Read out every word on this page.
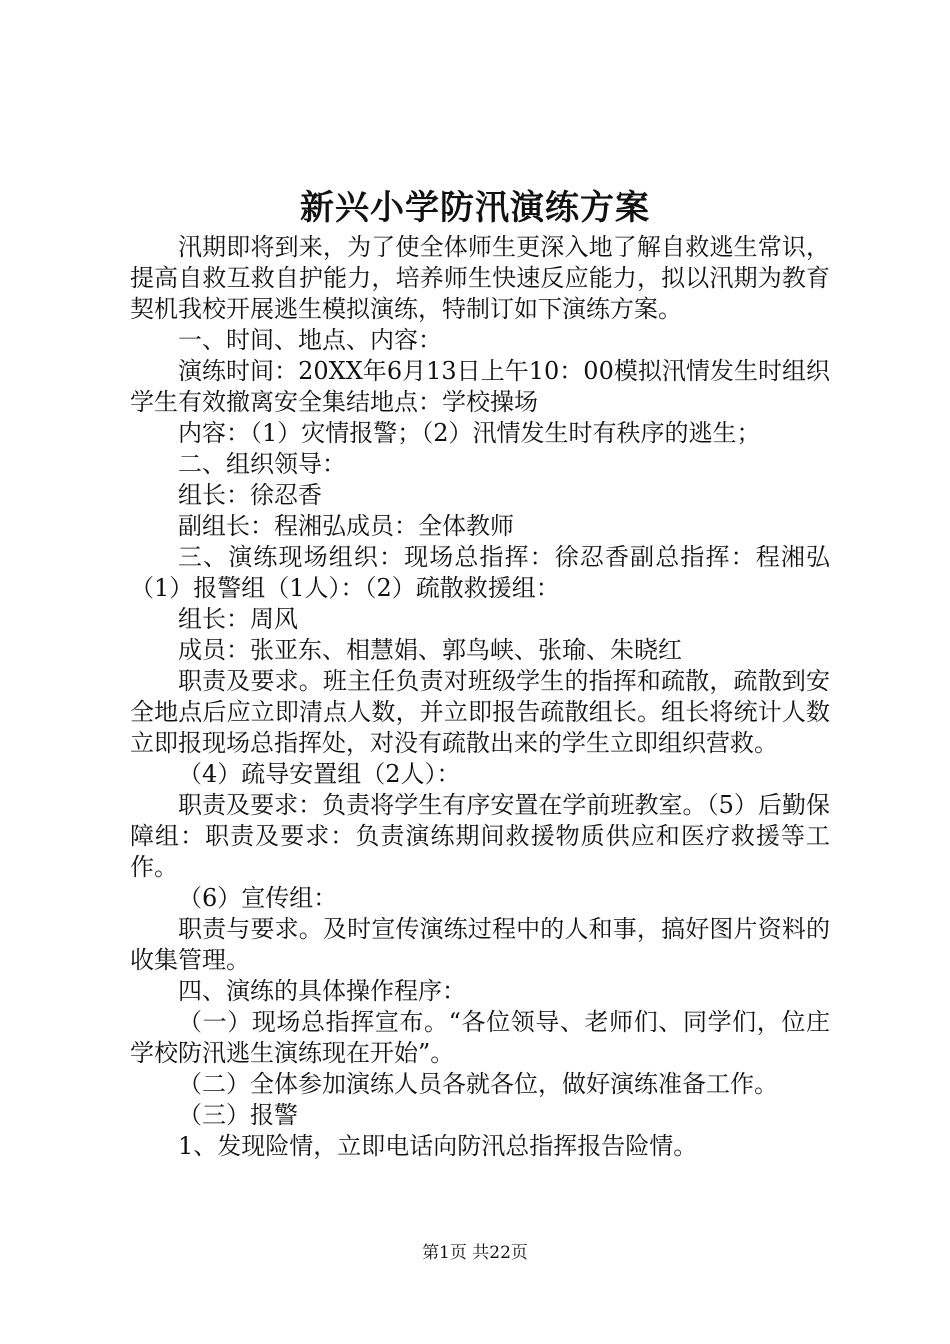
新兴小学防汛演练方案

汛期即将到来，为了使全体师生更深入地了解自救逃生常识，提高自救互救自护能力，培养师生快速反应能力，拟以汛期为教育契机我校开展逃生模拟演练，特制订如下演练方案。

一、时间、地点、内容：

演练时间：20XX年6月13日上午10：00模拟汛情发生时组织学生有效撤离安全集结地点：学校操场

内容：（1）灾情报警；（2）汛情发生时有秩序的逃生；

二、组织领导：

组长：徐忍香

副组长：程湘弘成员：全体教师

三、演练现场组织：现场总指挥：徐忍香副总指挥：程湘弘（1）报警组（1人）：（2）疏散救援组：

组长：周风

成员：张亚东、相慧娟、郭鸟峡、张瑜、朱晓红

职责及要求。班主任负责对班级学生的指挥和疏散，疏散到安全地点后应立即清点人数，并立即报告疏散组长。组长将统计人数立即报现场总指挥处，对没有疏散出来的学生立即组织营救。

（4）疏导安置组（2人）：

职责及要求：负责将学生有序安置在学前班教室。（5）后勤保障组：职责及要求：负责演练期间救援物质供应和医疗救援等工作。

（6）宣传组：

职责与要求。及时宣传演练过程中的人和事，搞好图片资料的收集管理。

四、演练的具体操作程序：

（一）现场总指挥宣布。“各位领导、老师们、同学们，位庄学校防汛逃生演练现在开始”。

（二）全体参加演练人员各就各位，做好演练准备工作。

（三）报警

1、发现险情，立即电话向防汛总指挥报告险情。

第1页 共22页
